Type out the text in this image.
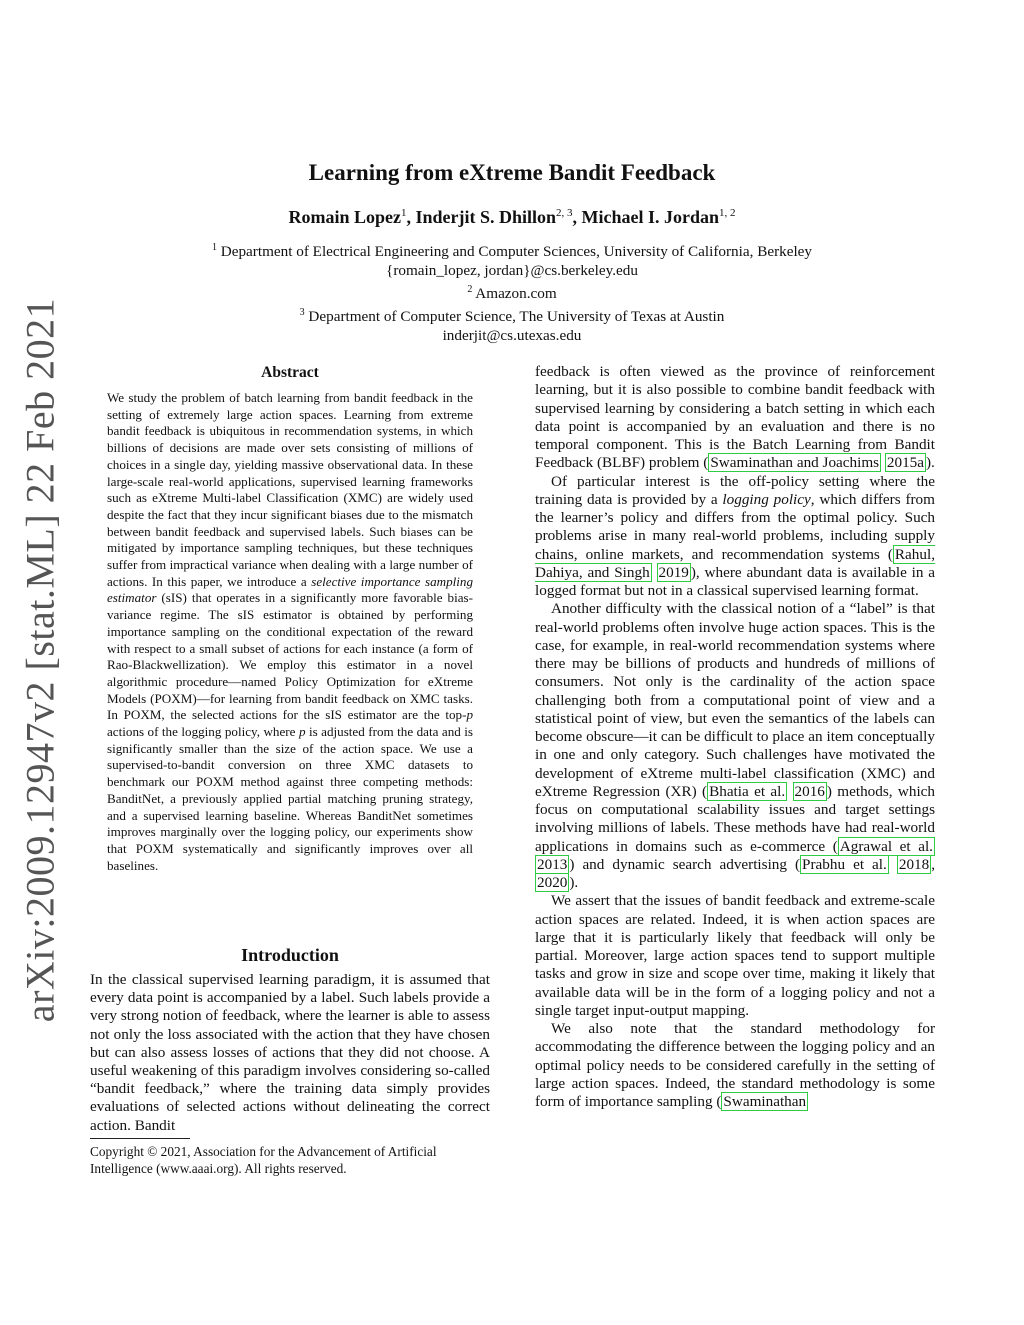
arXiv:2009.12947v2 [stat.ML] 22 Feb 2021
Learning from eXtreme Bandit Feedback
Romain Lopez$^1$, Inderjit S. Dhillon$^{2, 3}$, Michael I. Jordan$^{1, 2}$
$^1$ Department of Electrical Engineering and Computer Sciences, University of California, Berkeley
{romain_lopez, jordan}@cs.berkeley.edu
$^2$ Amazon.com
$^3$ Department of Computer Science, The University of Texas at Austin
inderjit@cs.utexas.edu
Abstract
We study the problem of batch learning from bandit feedback in the setting of extremely large action spaces. Learning from extreme bandit feedback is ubiquitous in recommendation systems, in which billions of decisions are made over sets consisting of millions of choices in a single day, yielding massive observational data. In these large-scale real-world applications, supervised learning frameworks such as eXtreme Multi-label Classification (XMC) are widely used despite the fact that they incur significant biases due to the mismatch between bandit feedback and supervised labels. Such biases can be mitigated by importance sampling techniques, but these techniques suffer from impractical variance when dealing with a large number of actions. In this paper, we introduce a selective importance sampling estimator (sIS) that operates in a significantly more favorable bias-variance regime. The sIS estimator is obtained by performing importance sampling on the conditional expectation of the reward with respect to a small subset of actions for each instance (a form of Rao-Blackwellization). We employ this estimator in a novel algorithmic procedure—named Policy Optimization for eXtreme Models (POXM)—for learning from bandit feedback on XMC tasks. In POXM, the selected actions for the sIS estimator are the top-p actions of the logging policy, where p is adjusted from the data and is significantly smaller than the size of the action space. We use a supervised-to-bandit conversion on three XMC datasets to benchmark our POXM method against three competing methods: BanditNet, a previously applied partial matching pruning strategy, and a supervised learning baseline. Whereas BanditNet sometimes improves marginally over the logging policy, our experiments show that POXM systematically and significantly improves over all baselines.
Introduction
In the classical supervised learning paradigm, it is assumed that every data point is accompanied by a label. Such labels provide a very strong notion of feedback, where the learner is able to assess not only the loss associated with the action that they have chosen but can also assess losses of actions that they did not choose. A useful weakening of this paradigm involves considering so-called “bandit feedback,” where the training data simply provides evaluations of selected actions without delineating the correct action. Bandit
Copyright © 2021, Association for the Advancement of Artificial Intelligence (www.aaai.org). All rights reserved.

feedback is often viewed as the province of reinforcement learning, but it is also possible to combine bandit feedback with supervised learning by considering a batch setting in which each data point is accompanied by an evaluation and there is no temporal component. This is the Batch Learning from Bandit Feedback (BLBF) problem ( Swaminathan and Joachims 2015a ).

Of particular interest is the off-policy setting where the training data is provided by a logging policy, which differs from the learner’s policy and differs from the optimal policy. Such problems arise in many real-world problems, including supply chains, online markets, and recommendation systems ( Rahul, Dahiya, and Singh 2019 ), where abundant data is available in a logged format but not in a classical supervised learning format.

Another difficulty with the classical notion of a “label” is that real-world problems often involve huge action spaces. This is the case, for example, in real-world recommendation systems where there may be billions of products and hundreds of millions of consumers. Not only is the cardinality of the action space challenging both from a computational point of view and a statistical point of view, but even the semantics of the labels can become obscure—it can be difficult to place an item conceptually in one and only category. Such challenges have motivated the development of eXtreme multi-label classification (XMC) and eXtreme Regression (XR) ( Bhatia et al. 2016 ) methods, which focus on computational scalability issues and target settings involving millions of labels. These methods have had real-world applications in domains such as e-commerce ( Agrawal et al. 2013 ) and dynamic search advertising ( Prabhu et al. 2018 , 2020 ).

We assert that the issues of bandit feedback and extreme-scale action spaces are related. Indeed, it is when action spaces are large that it is particularly likely that feedback will only be partial. Moreover, large action spaces tend to support multiple tasks and grow in size and scope over time, making it likely that available data will be in the form of a logging policy and not a single target input-output mapping.

We also note that the standard methodology for accommodating the difference between the logging policy and an optimal policy needs to be considered carefully in the setting of large action spaces. Indeed, the standard methodology is some form of importance sampling ( Swaminathan
